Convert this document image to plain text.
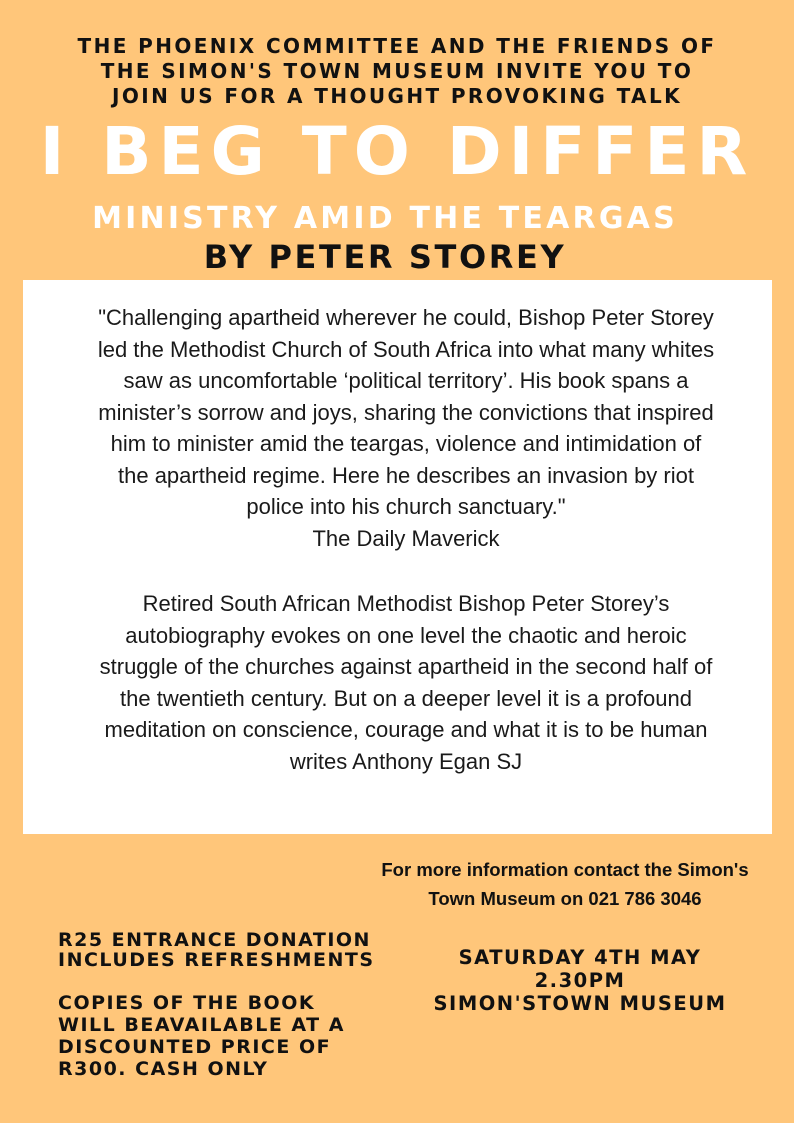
THE PHOENIX COMMITTEE AND THE FRIENDS OF
THE SIMON'S TOWN MUSEUM INVITE YOU TO
JOIN US FOR A THOUGHT PROVOKING TALK
I BEG TO DIFFER
MINISTRY AMID THE TEARGAS
BY PETER STOREY
"Challenging apartheid wherever he could, Bishop Peter Storey
led the Methodist Church of South Africa into what many whites
saw as uncomfortable ‘political territory’. His book spans a
minister’s sorrow and joys, sharing the convictions that inspired
him to minister amid the teargas, violence and intimidation of
the apartheid regime. Here he describes an invasion by riot
police into his church sanctuary."
The Daily Maverick
Retired South African Methodist Bishop Peter Storey’s
autobiography evokes on one level the chaotic and heroic
struggle of the churches against apartheid in the second half of
the twentieth century. But on a deeper level it is a profound
meditation on conscience, courage and what it is to be human
writes Anthony Egan SJ
For more information contact the Simon's
Town Museum on 021 786 3046
R25 ENTRANCE DONATION
INCLUDES REFRESHMENTS
COPIES OF THE BOOK
WILL BEAVAILABLE AT A
DISCOUNTED PRICE OF
R300. CASH ONLY
SATURDAY 4TH MAY
2.30PM
SIMON'STOWN MUSEUM
